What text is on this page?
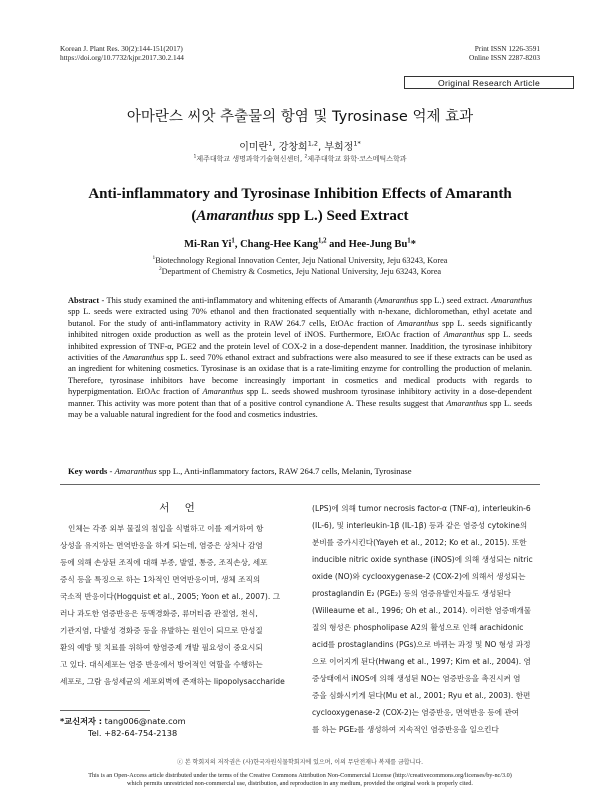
Korean J. Plant Res. 30(2):144-151(2017)
https://doi.org/10.7732/kjpr.2017.30.2.144
Print ISSN 1226-3591
Online ISSN 2287-8203
Original Research Article
아마란스 씨앗 추출물의 항염 및 Tyrosinase 억제 효과
이미란$^1$, 강창희$^{1,2}$, 부희정$^{1*}$
$^1$제주대학교 생명과학기술혁신센터, $^2$제주대학교 화학·코스메틱스학과
Anti-inflammatory and Tyrosinase Inhibition Effects of Amaranth
(Amaranthus spp L.) Seed Extract
Mi-Ran Yi$^1$, Chang-Hee Kang$^{1,2}$ and Hee-Jung Bu$^1$*
$^1$Biotechnology Regional Innovation Center, Jeju National University, Jeju 63243, Korea
$^2$Department of Chemistry & Cosmetics, Jeju National University, Jeju 63243, Korea
Abstract - This study examined the anti-inflammatory and whitening effects of Amaranth (Amaranthus spp L.) seed extract. Amaranthus spp L. seeds were extracted using 70% ethanol and then fractionated sequentially with n-hexane, dichloromethan, ethyl acetate and butanol. For the study of anti-inflammatory activity in RAW 264.7 cells, EtOAc fraction of Amaranthus spp L. seeds significantly inhibited nitrogen oxide production as well as the protein level of iNOS. Furthermore, EtOAc fraction of Amaranthus spp L. seeds inhibited expression of TNF-α, PGE2 and the protein level of COX-2 in a dose-dependent manner. Inaddition, the tyrosinase inhibitory activities of the Amaranthus spp L. seed 70% ethanol extract and subfractions were also measured to see if these extracts can be used as an ingredient for whitening cosmetics. Tyrosinase is an oxidase that is a rate-limiting enzyme for controlling the production of melanin. Therefore, tyrosinase inhibitors have become increasingly important in cosmetics and medical products with regards to hyperpigmentation. EtOAc fraction of Amaranthus spp L. seeds showed mushroom tyrosinase inhibitory activity in a dose-dependent manner. This activity was more potent than that of a positive control cynandione A. These results suggest that Amaranthus spp L. seeds may be a valuable natural ingredient for the food and cosmetics industries.
Key words - Amaranthus spp L., Anti-inflammatory factors, RAW 264.7 cells, Melanin, Tyrosinase
서 언

인체는 각종 외부 물질의 침입을 식별하고 이를 제거하여 항

상성을 유지하는 면역반응을 하게 되는데, 염증은 상처나 감염

등에 의해 손상된 조직에 대해 부종, 발열, 통증, 조직손상, 세포

증식 등을 특징으로 하는 1차적인 면역반응이며, 생체 조직의

국소적 반응이다(Hogquist et al., 2005; Yoon et al., 2007). 그

러나 과도한 염증반응은 동맥경화증, 류머티즘 관절염, 천식,

기관지염, 다발성 경화증 등을 유발하는 원인이 되므로 만성질

환의 예방 및 치료를 위하여 항염증제 개발 필요성이 중요시되

고 있다. 대식세포는 염증 반응에서 방어적인 역할을 수행하는

세포로, 그람 음성세균의 세포외벽에 존재하는 lipopolysaccharide

*교신저자 : tang006@nate.com
Tel. +82-64-754-2138

(LPS)에 의해 tumor necrosis factor-α (TNF-α), interleukin-6

(IL-6), 및 interleukin-1β (IL-1β) 등과 같은 염증성 cytokine의

분비를 증가시킨다(Yayeh et al., 2012; Ko et al., 2015). 또한

inducible nitric oxide synthase (iNOS)에 의해 생성되는 nitric

oxide (NO)와 cyclooxygenase-2 (COX-2)에 의해서 생성되는

prostaglandin E₂ (PGE₂) 등의 염증유발인자들도 생성된다

(Willeaume et al., 1996; Oh et al., 2014). 이러한 염증매개물

질의 형성은 phospholipase A2의 활성으로 인해 arachidonic

acid를 prostaglandins (PGs)으로 바뀌는 과정 및 NO 형성 과정

으로 이어지게 된다(Hwang et al., 1997; Kim et al., 2004). 염

증상태에서 iNOS에 의해 생성된 NO는 염증반응을 촉진시켜 염

증을 심화시키게 된다(Mu et al., 2001; Ryu et al., 2003). 한편

cyclooxygenase-2 (COX-2)는 염증반응, 면역반응 등에 관여

를 하는 PGE₂를 생성하여 지속적인 염증반응을 일으킨다

ⓒ 본 학회지의 저작권은 (사)한국자원식물학회지에 있으며, 이의 무단전재나 복제를 금합니다.
This is an Open-Access article distributed under the terms of the Creative Commons Attribution Non-Commercial License (http://creativecommons.org/licenses/by-nc/3.0)
which permits unrestricted non-commercial use, distribution, and reproduction in any medium, provided the original work is properly cited.
